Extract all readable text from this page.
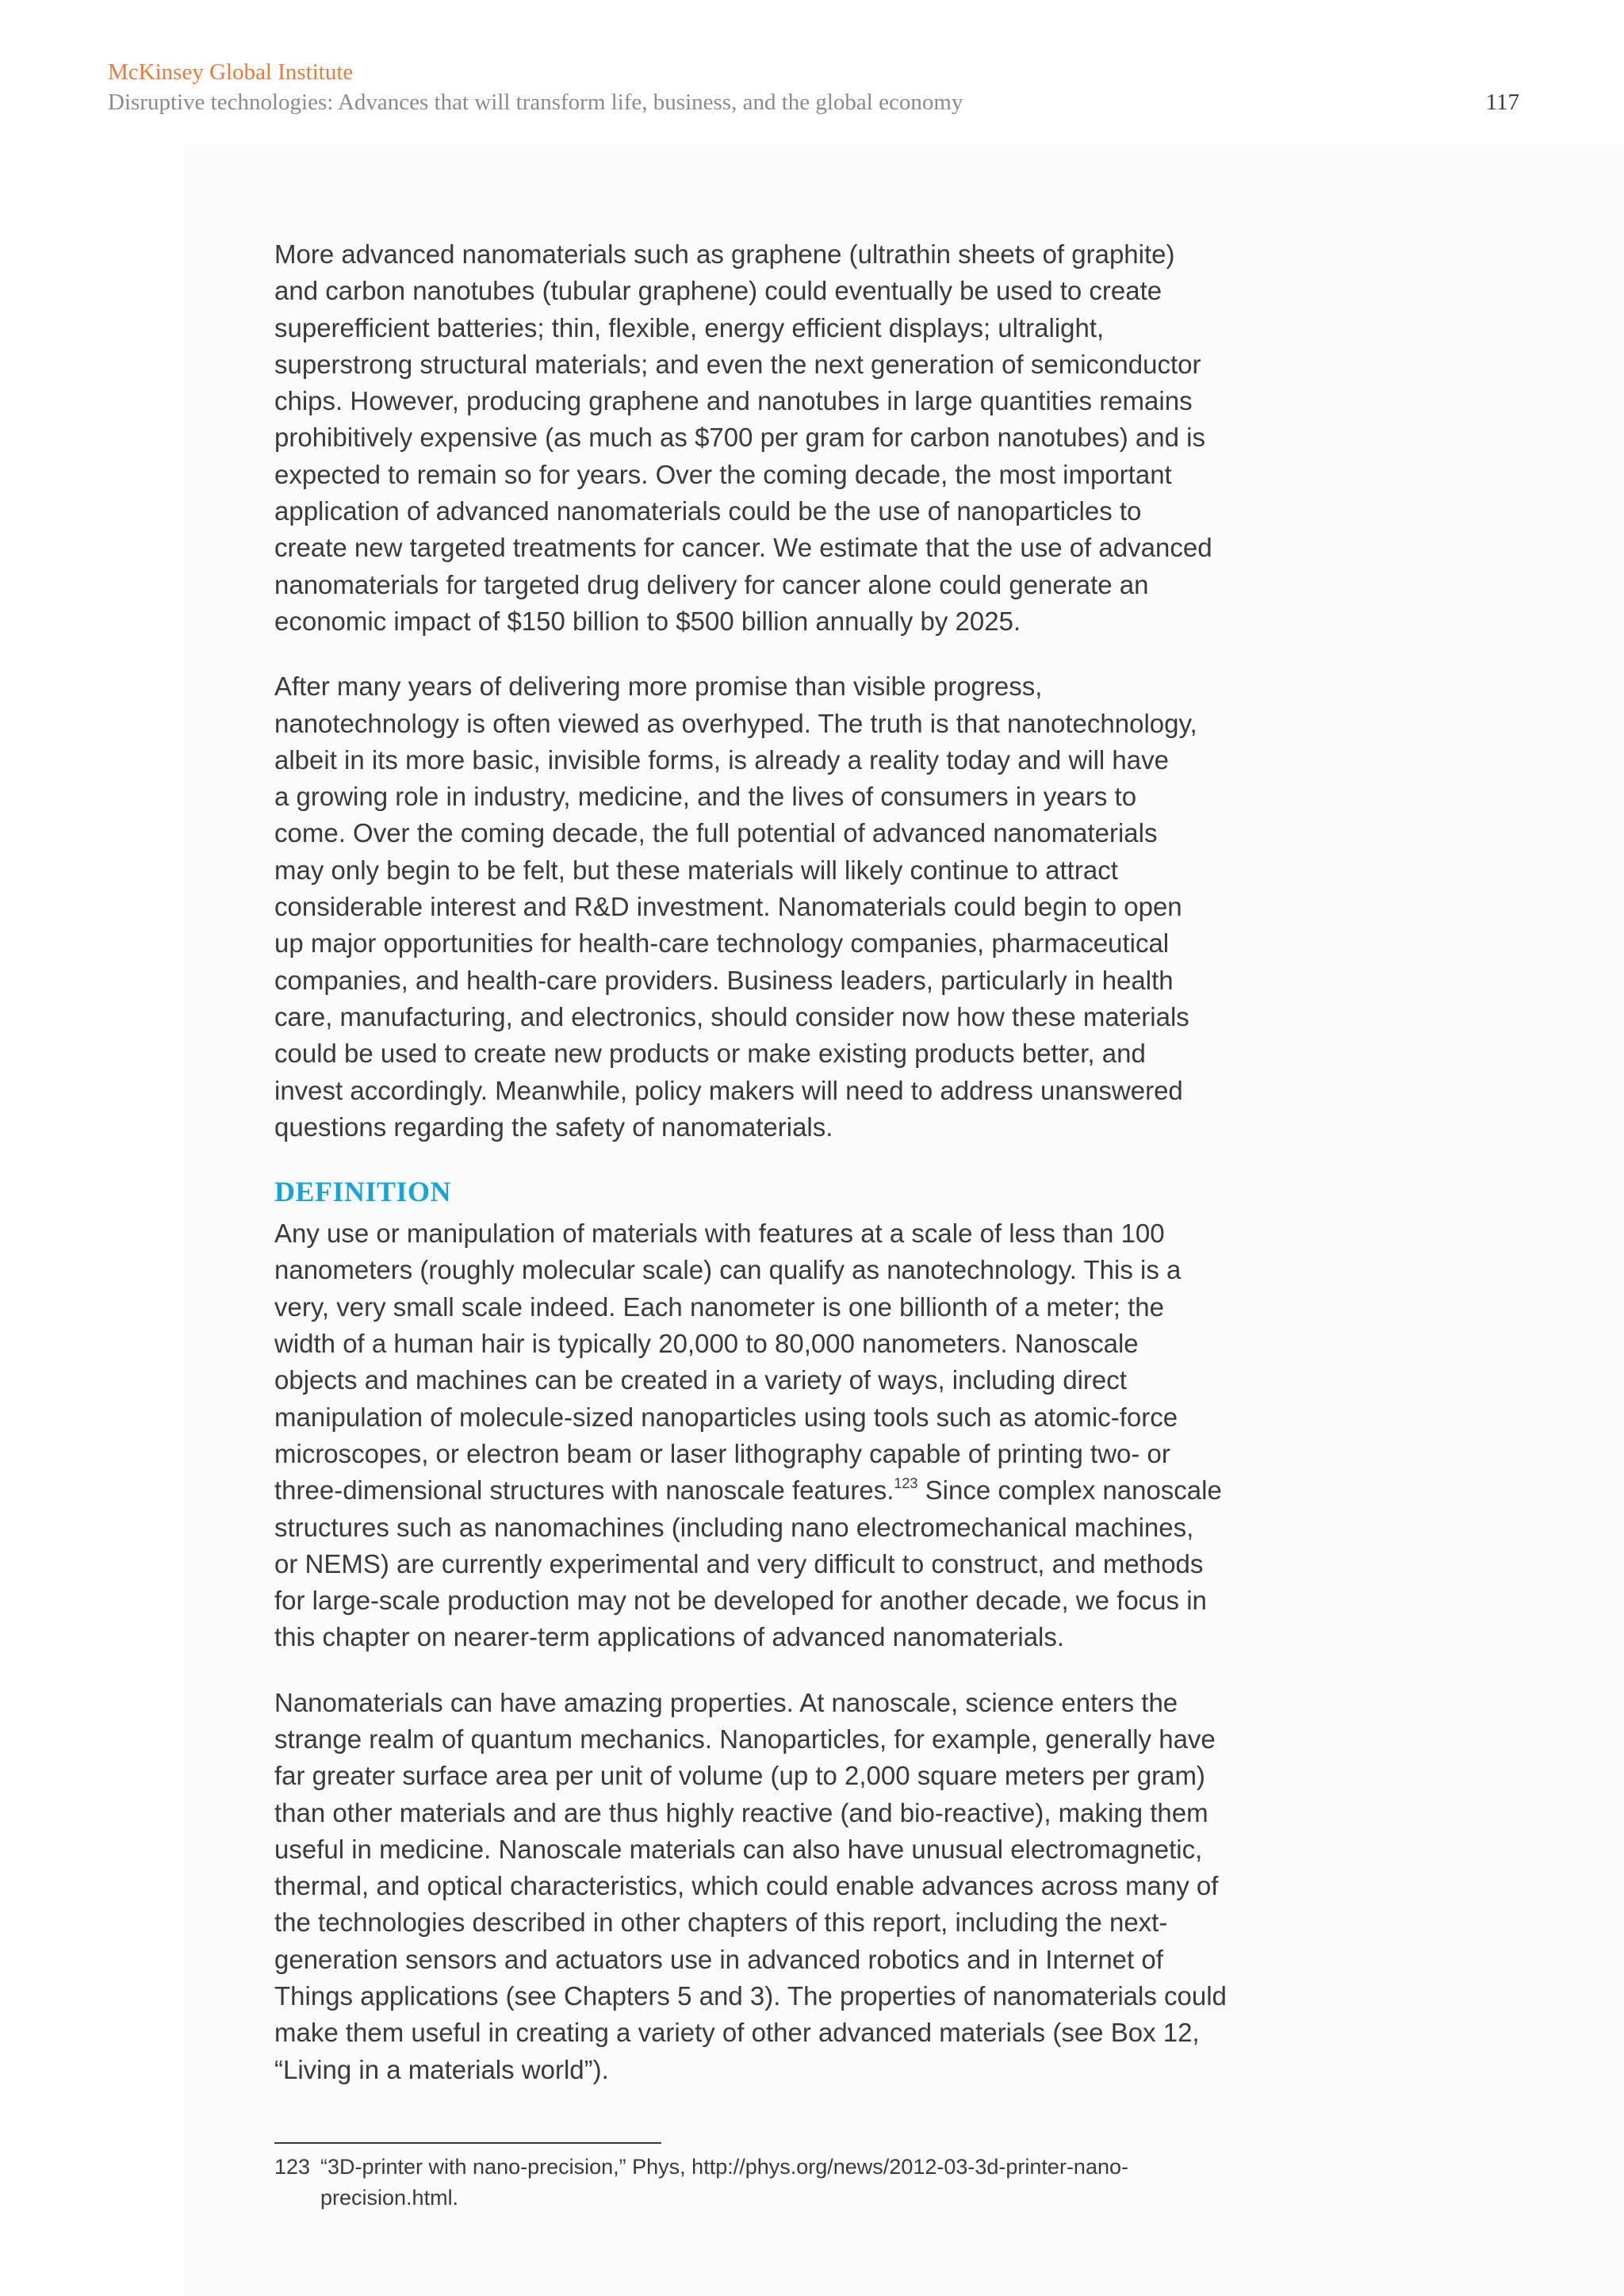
McKinsey Global Institute
Disruptive technologies: Advances that will transform life, business, and the global economy	117

More advanced nanomaterials such as graphene (ultrathin sheets of graphite)
and carbon nanotubes (tubular graphene) could eventually be used to create
superefficient batteries; thin, flexible, energy efficient displays; ultralight,
superstrong structural materials; and even the next generation of semiconductor
chips. However, producing graphene and nanotubes in large quantities remains
prohibitively expensive (as much as $700 per gram for carbon nanotubes) and is
expected to remain so for years. Over the coming decade, the most important
application of advanced nanomaterials could be the use of nanoparticles to
create new targeted treatments for cancer. We estimate that the use of advanced
nanomaterials for targeted drug delivery for cancer alone could generate an
economic impact of $150 billion to $500 billion annually by 2025.

After many years of delivering more promise than visible progress,
nanotechnology is often viewed as overhyped. The truth is that nanotechnology,
albeit in its more basic, invisible forms, is already a reality today and will have
a growing role in industry, medicine, and the lives of consumers in years to
come. Over the coming decade, the full potential of advanced nanomaterials
may only begin to be felt, but these materials will likely continue to attract
considerable interest and R&D investment. Nanomaterials could begin to open
up major opportunities for health-care technology companies, pharmaceutical
companies, and health-care providers. Business leaders, particularly in health
care, manufacturing, and electronics, should consider now how these materials
could be used to create new products or make existing products better, and
invest accordingly. Meanwhile, policy makers will need to address unanswered
questions regarding the safety of nanomaterials.

DEFINITION

Any use or manipulation of materials with features at a scale of less than 100
nanometers (roughly molecular scale) can qualify as nanotechnology. This is a
very, very small scale indeed. Each nanometer is one billionth of a meter; the
width of a human hair is typically 20,000 to 80,000 nanometers. Nanoscale
objects and machines can be created in a variety of ways, including direct
manipulation of molecule-sized nanoparticles using tools such as atomic-force
microscopes, or electron beam or laser lithography capable of printing two- or
three-dimensional structures with nanoscale features.$^{123}$ Since complex nanoscale
structures such as nanomachines (including nano electromechanical machines,
or NEMS) are currently experimental and very difficult to construct, and methods
for large-scale production may not be developed for another decade, we focus in
this chapter on nearer-term applications of advanced nanomaterials.

Nanomaterials can have amazing properties. At nanoscale, science enters the
strange realm of quantum mechanics. Nanoparticles, for example, generally have
far greater surface area per unit of volume (up to 2,000 square meters per gram)
than other materials and are thus highly reactive (and bio-reactive), making them
useful in medicine. Nanoscale materials can also have unusual electromagnetic,
thermal, and optical characteristics, which could enable advances across many of
the technologies described in other chapters of this report, including the next-
generation sensors and actuators use in advanced robotics and in Internet of
Things applications (see Chapters 5 and 3). The properties of nanomaterials could
make them useful in creating a variety of other advanced materials (see Box 12,
“Living in a materials world”).

123 “3D-printer with nano-precision,” Phys, http://phys.org/news/2012-03-3d-printer-nano-
precision.html.
